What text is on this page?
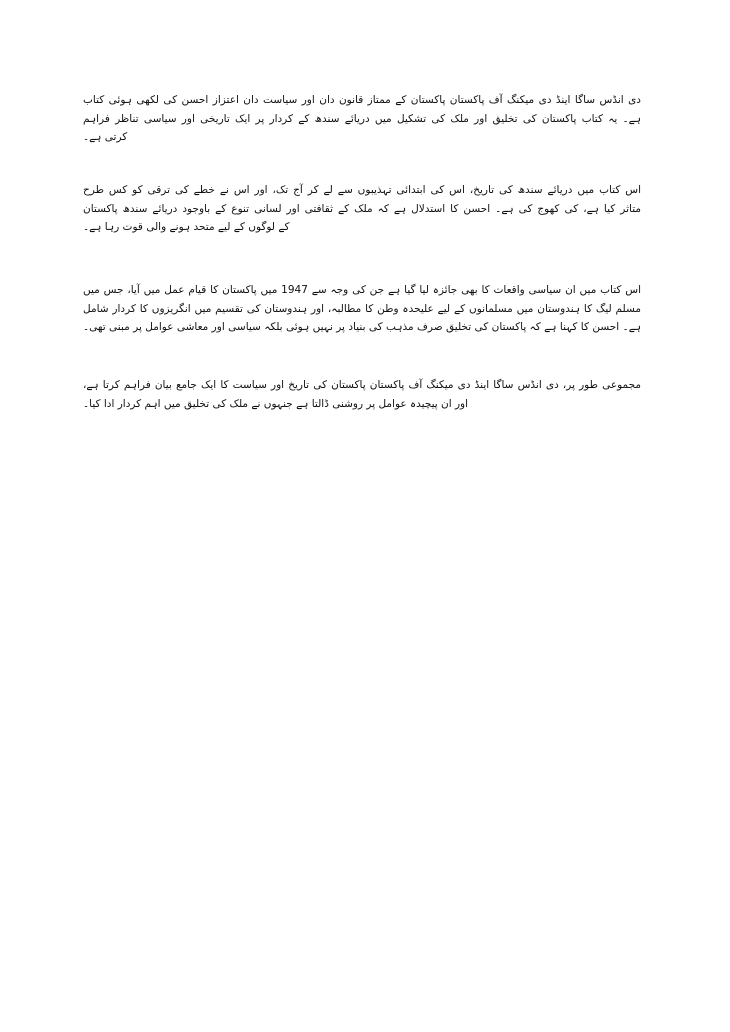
دی انڈس ساگا اینڈ دی میکنگ آف پاکستان پاکستان کے ممتاز قانون دان اور سیاست دان اعتزاز احسن کی لکھی ہوئی کتاب
ہے۔ یہ کتاب پاکستان کی تخلیق اور ملک کی تشکیل میں دریائے سندھ کے کردار پر ایک تاریخی اور سیاسی تناظر فراہم
کرتی ہے۔
اس کتاب میں دریائے سندھ کی تاریخ، اس کی ابتدائی تہذیبوں سے لے کر آج تک، اور اس نے خطے کی ترقی کو کس طرح
متاثر کیا ہے، کی کھوج کی ہے۔ احسن کا استدلال ہے کہ ملک کے ثقافتی اور لسانی تنوع کے باوجود دریائے سندھ پاکستان
کے لوگوں کے لیے متحد ہونے والی قوت رہا ہے۔
اس کتاب میں ان سیاسی واقعات کا بھی جائزہ لیا گیا ہے جن کی وجہ سے 1947 میں پاکستان کا قیام عمل میں آیا، جس میں
مسلم لیگ کا ہندوستان میں مسلمانوں کے لیے علیحدہ وطن کا مطالبہ، اور ہندوستان کی تقسیم میں انگریزوں کا کردار شامل
ہے۔ احسن کا کہنا ہے کہ پاکستان کی تخلیق صرف مذہب کی بنیاد پر نہیں ہوئی بلکہ سیاسی اور معاشی عوامل پر مبنی تھی۔
مجموعی طور پر، دی انڈس ساگا اینڈ دی میکنگ آف پاکستان پاکستان کی تاریخ اور سیاست کا ایک جامع بیان فراہم کرتا ہے،
اور ان پیچیدہ عوامل پر روشنی ڈالتا ہے جنہوں نے ملک کی تخلیق میں اہم کردار ادا کیا۔
